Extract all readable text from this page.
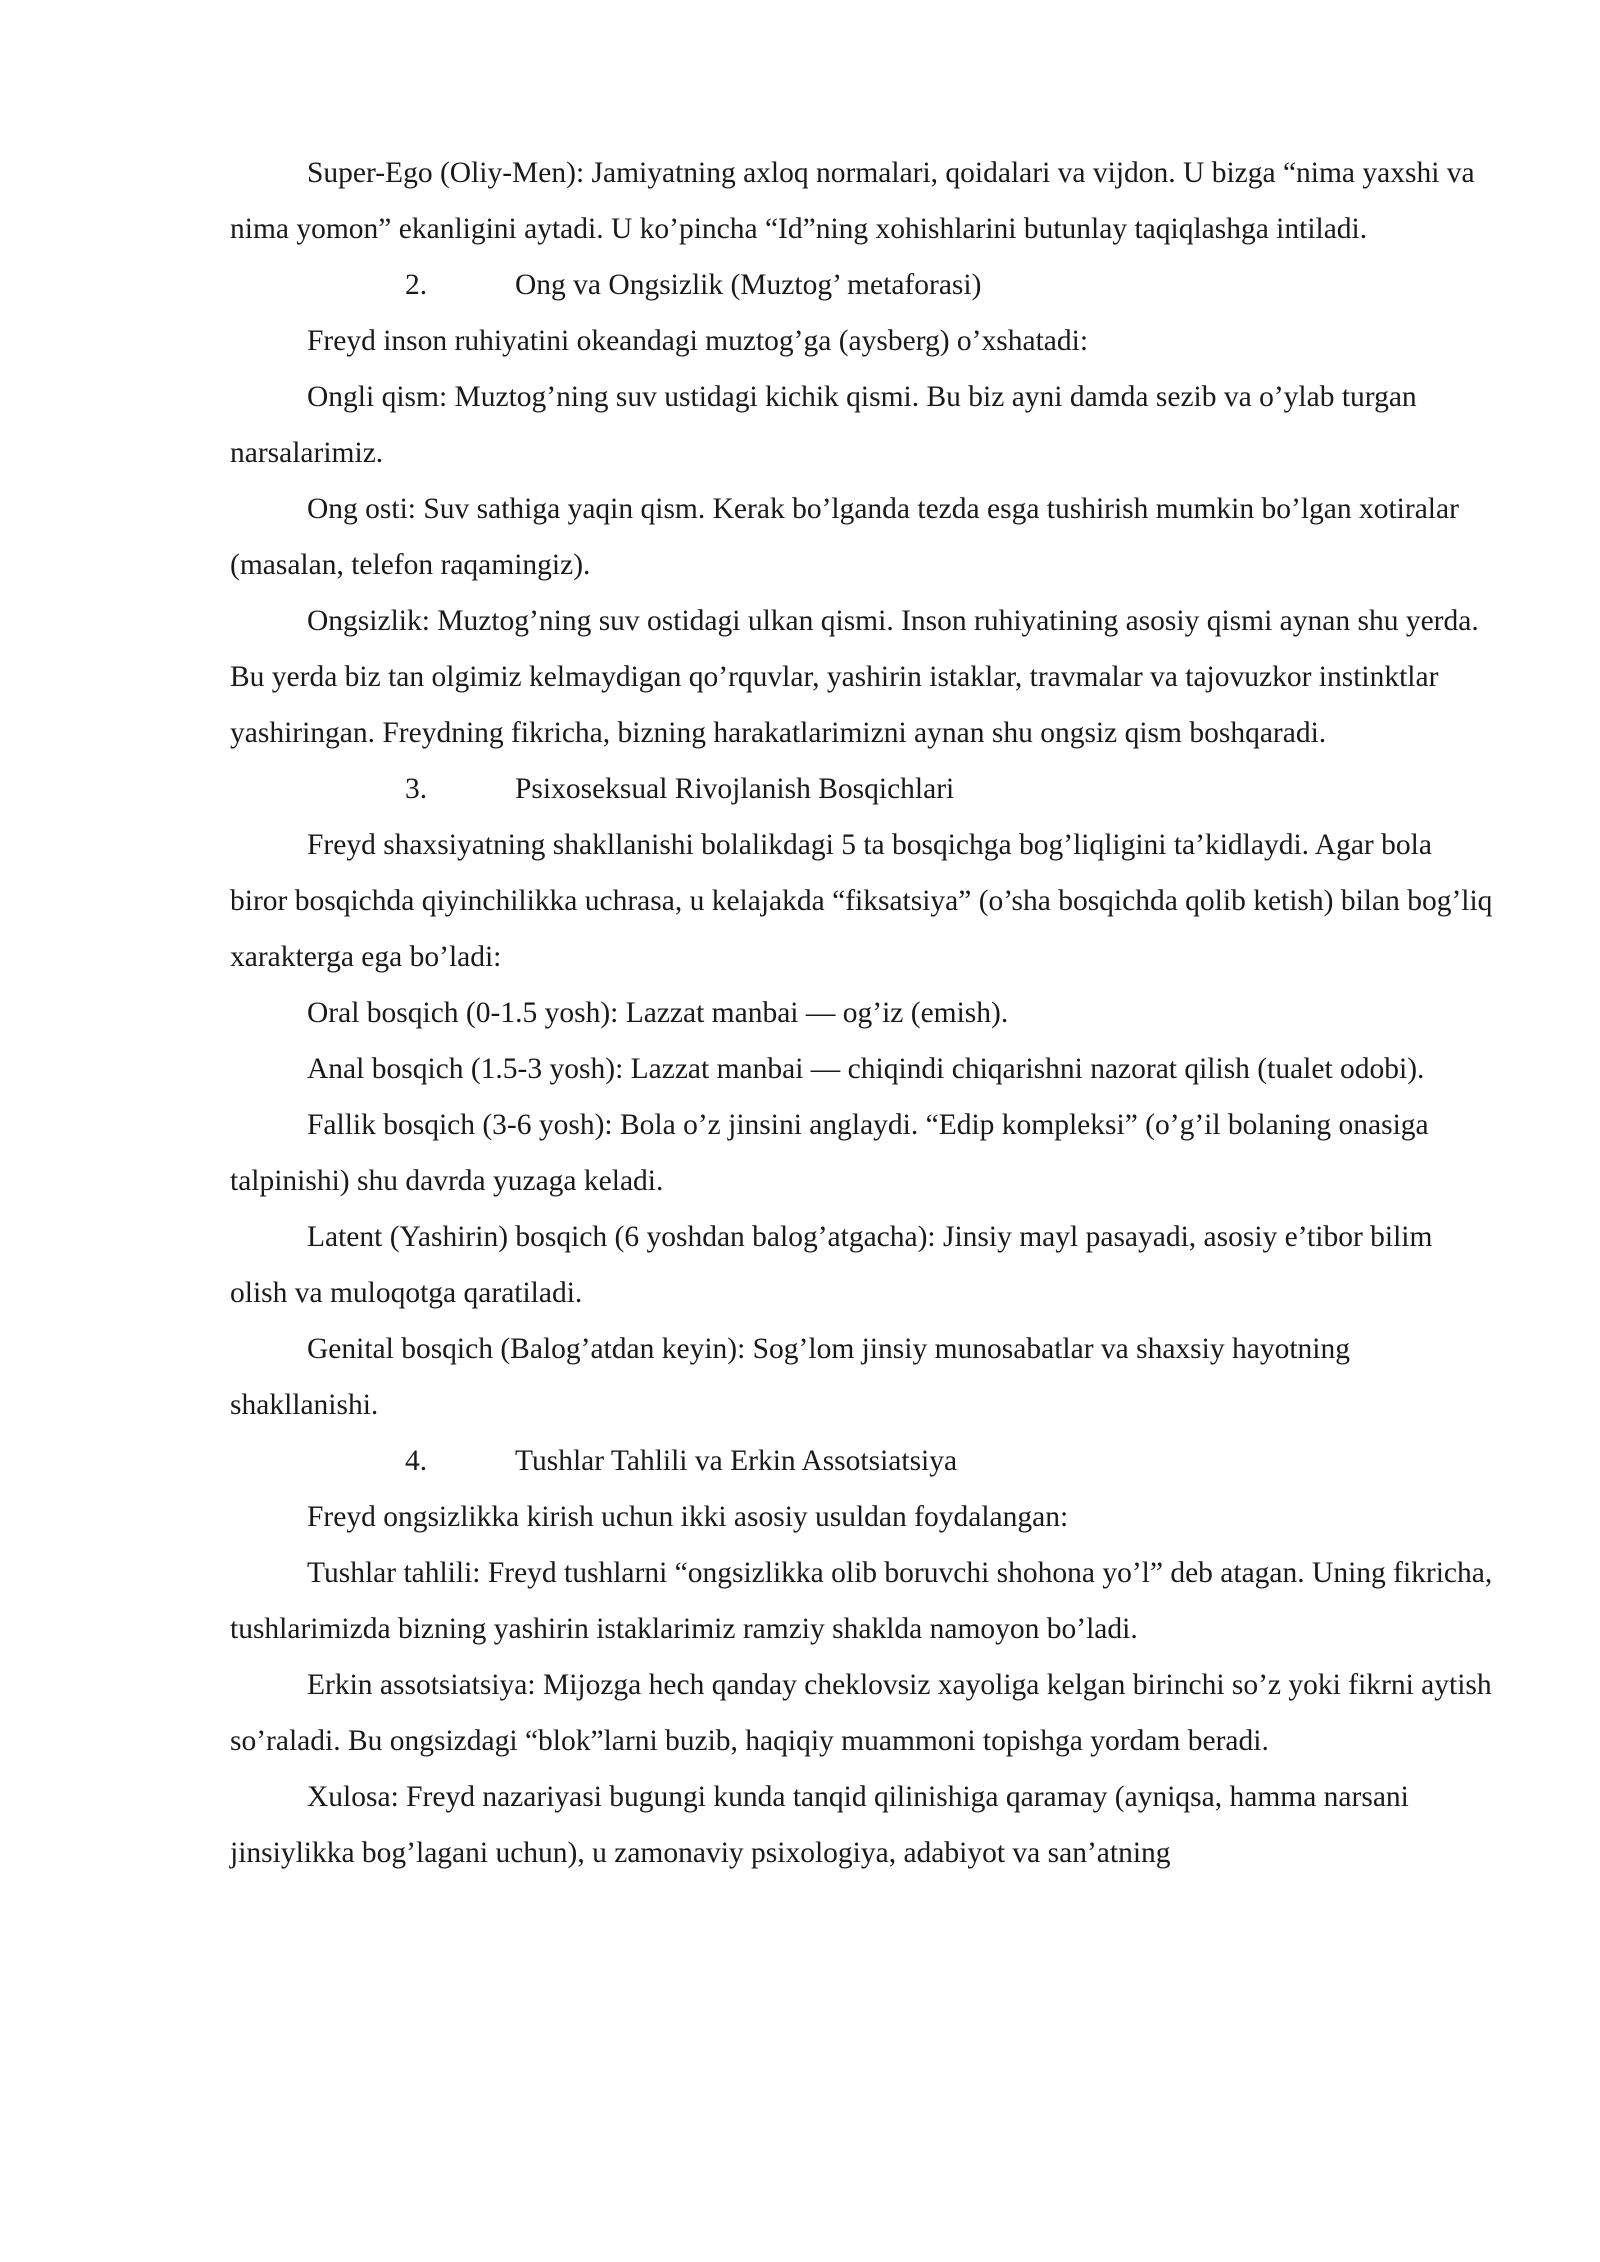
Super-Ego (Oliy-Men): Jamiyatning axloq normalari, qoidalari va vijdon. U bizga “nima yaxshi va nima yomon” ekanligini aytadi. U ko’pincha “Id”ning xohishlarini butunlay taqiqlashga intiladi.

2.	Ong va Ongsizlik (Muztog’ metaforasi)

Freyd inson ruhiyatini okeandagi muztog’ga (aysberg) o’xshatadi:

Ongli qism: Muztog’ning suv ustidagi kichik qismi. Bu biz ayni damda sezib va o’ylab turgan narsalarimiz.

Ong osti: Suv sathiga yaqin qism. Kerak bo’lganda tezda esga tushirish mumkin bo’lgan xotiralar (masalan, telefon raqamingiz).

Ongsizlik: Muztog’ning suv ostidagi ulkan qismi. Inson ruhiyatining asosiy qismi aynan shu yerda. Bu yerda biz tan olgimiz kelmaydigan qo’rquvlar, yashirin istaklar, travmalar va tajovuzkor instinktlar yashiringan. Freydning fikricha, bizning harakatlarimizni aynan shu ongsiz qism boshqaradi.

3.	Psixoseksual Rivojlanish Bosqichlari

Freyd shaxsiyatning shakllanishi bolalikdagi 5 ta bosqichga bog’liqligini ta’kidlaydi. Agar bola biror bosqichda qiyinchilikka uchrasa, u kelajakda “fiksatsiya” (o’sha bosqichda qolib ketish) bilan bog’liq xarakterga ega bo’ladi:

Oral bosqich (0-1.5 yosh): Lazzat manbai — og’iz (emish).

Anal bosqich (1.5-3 yosh): Lazzat manbai — chiqindi chiqarishni nazorat qilish (tualet odobi).

Fallik bosqich (3-6 yosh): Bola o’z jinsini anglaydi. “Edip kompleksi” (o’g’il bolaning onasiga talpinishi) shu davrda yuzaga keladi.

Latent (Yashirin) bosqich (6 yoshdan balog’atgacha): Jinsiy mayl pasayadi, asosiy e’tibor bilim olish va muloqotga qaratiladi.

Genital bosqich (Balog’atdan keyin): Sog’lom jinsiy munosabatlar va shaxsiy hayotning shakllanishi.

4.	Tushlar Tahlili va Erkin Assotsiatsiya

Freyd ongsizlikka kirish uchun ikki asosiy usuldan foydalangan:

Tushlar tahlili: Freyd tushlarni “ongsizlikka olib boruvchi shohona yo’l” deb atagan. Uning fikricha, tushlarimizda bizning yashirin istaklarimiz ramziy shaklda namoyon bo’ladi.

Erkin assotsiatsiya: Mijozga hech qanday cheklovsiz xayoliga kelgan birinchi so’z yoki fikrni aytish so’raladi. Bu ongsizdagi “blok”larni buzib, haqiqiy muammoni topishga yordam beradi.

Xulosa: Freyd nazariyasi bugungi kunda tanqid qilinishiga qaramay (ayniqsa, hamma narsani jinsiylikka bog’lagani uchun), u zamonaviy psixologiya, adabiyot va san’atning
